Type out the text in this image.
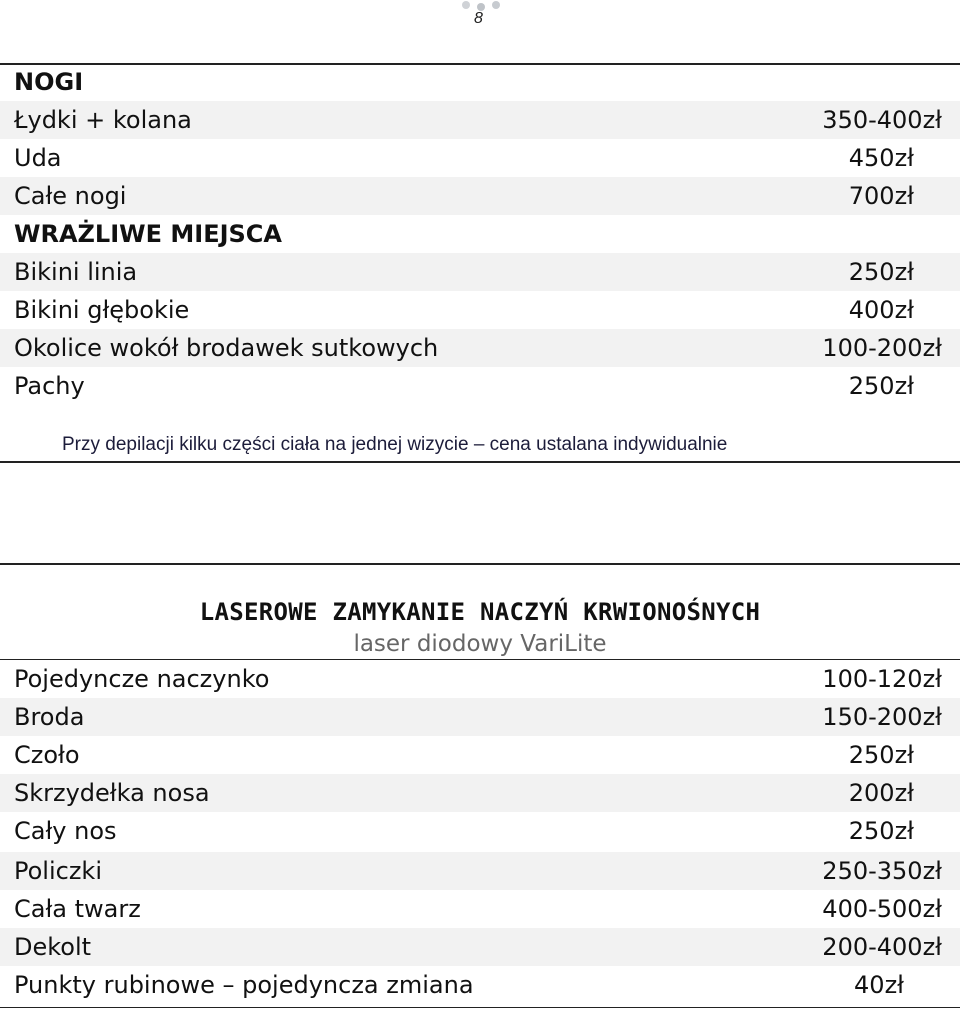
8
NOGI
Łydki + kolana	350-400zł
Uda	450zł
Całe nogi	700zł
WRAŻLIWE MIEJSCA
Bikini linia	250zł
Bikini głębokie	400zł
Okolice wokół brodawek sutkowych	100-200zł
Pachy	250zł
Przy depilacji kilku części ciała na jednej wizycie – cena ustalana indywidualnie
LASEROWE ZAMYKANIE NACZYŃ KRWIONOŚNYCH
laser diodowy VariLite
Pojedyncze naczynko	100-120zł
Broda	150-200zł
Czoło	250zł
Skrzydełka nosa	200zł
Cały nos	250zł
Policzki	250-350zł
Cała twarz	400-500zł
Dekolt	200-400zł
Punkty rubinowe – pojedyncza zmiana	40zł
